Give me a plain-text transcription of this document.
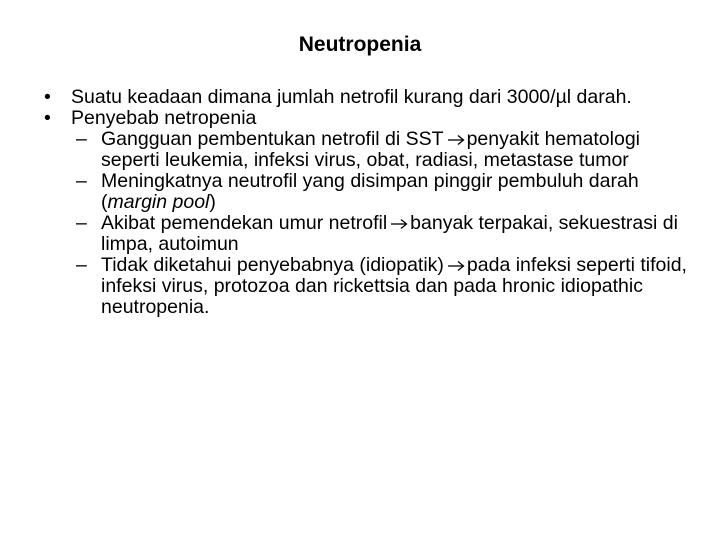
Neutropenia
• Suatu keadaan dimana jumlah netrofil kurang dari 3000/µl darah.
• Penyebab netropenia
– Gangguan pembentukan netrofil di SST penyakit hematologi seperti leukemia, infeksi virus, obat, radiasi, metastase tumor
– Meningkatnya neutrofil yang disimpan pinggir pembuluh darah (margin pool)
– Akibat pemendekan umur netrofil banyak terpakai, sekuestrasi di limpa, autoimun
– Tidak diketahui penyebabnya (idiopatik) pada infeksi seperti tifoid, infeksi virus, protozoa dan rickettsia dan pada hronic idiopathic neutropenia.
